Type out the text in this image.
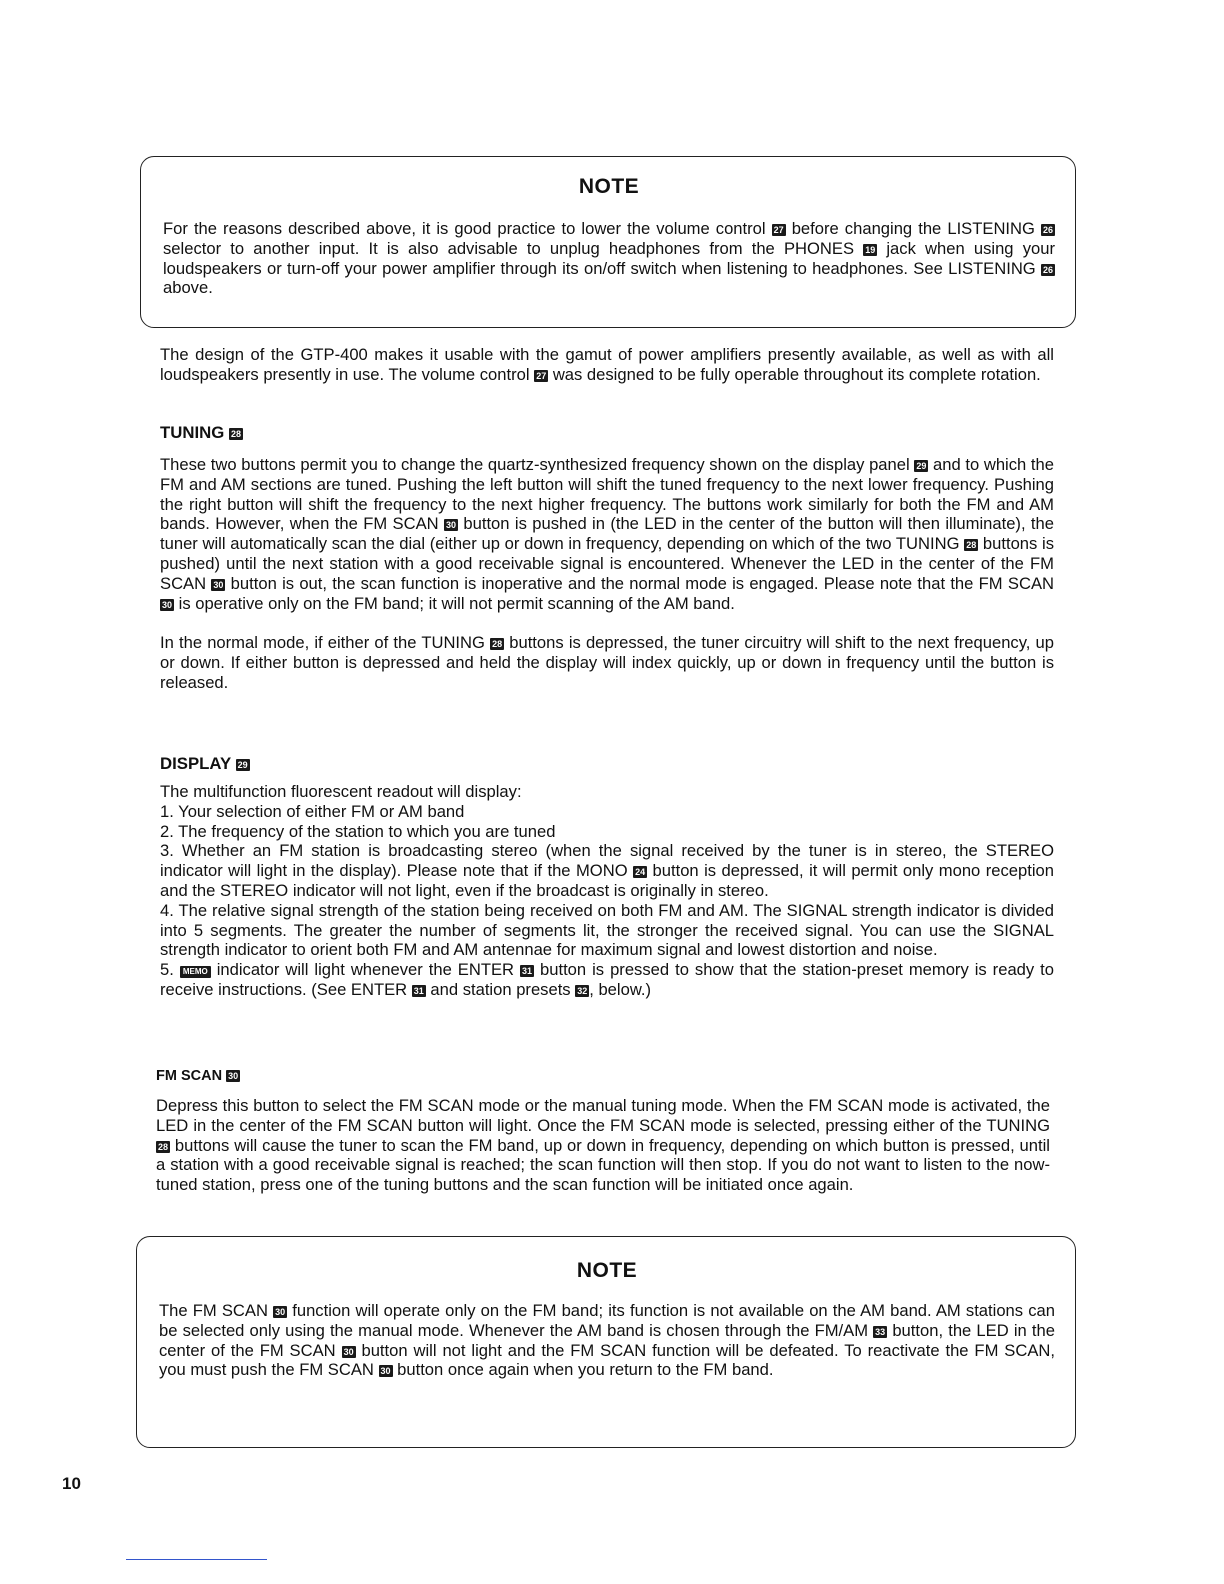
NOTE

For the reasons described above, it is good practice to lower the volume control 27 before changing the LISTENING 26 selector to another input. It is also advisable to unplug headphones from the PHONES 19 jack when using your loudspeakers or turn-off your power amplifier through its on/off switch when listening to headphones. See LISTENING 26 above.

The design of the GTP-400 makes it usable with the gamut of power amplifiers presently available, as well as with all loudspeakers presently in use. The volume control 27 was designed to be fully operable throughout its complete rotation.

TUNING 28

These two buttons permit you to change the quartz-synthesized frequency shown on the display panel 29 and to which the FM and AM sections are tuned. Pushing the left button will shift the tuned frequency to the next lower frequency. Pushing the right button will shift the frequency to the next higher frequency. The buttons work similarly for both the FM and AM bands. However, when the FM SCAN 30 button is pushed in (the LED in the center of the button will then illuminate), the tuner will automatically scan the dial (either up or down in frequency, depending on which of the two TUNING 28 buttons is pushed) until the next station with a good receivable signal is encountered. Whenever the LED in the center of the FM SCAN 30 button is out, the scan function is inoperative and the normal mode is engaged. Please note that the FM SCAN 30 is operative only on the FM band; it will not permit scanning of the AM band.

In the normal mode, if either of the TUNING 28 buttons is depressed, the tuner circuitry will shift to the next frequency, up or down. If either button is depressed and held the display will index quickly, up or down in frequency until the button is released.

DISPLAY 29

The multifunction fluorescent readout will display:

1. Your selection of either FM or AM band

2. The frequency of the station to which you are tuned

3. Whether an FM station is broadcasting stereo (when the signal received by the tuner is in stereo, the STEREO indicator will light in the display). Please note that if the MONO 24 button is depressed, it will permit only mono reception and the STEREO indicator will not light, even if the broadcast is originally in stereo.

4. The relative signal strength of the station being received on both FM and AM. The SIGNAL strength indicator is divided into 5 segments. The greater the number of segments lit, the stronger the received signal. You can use the SIGNAL strength indicator to orient both FM and AM antennae for maximum signal and lowest distortion and noise.

5. MEMO indicator will light whenever the ENTER 31 button is pressed to show that the station-preset memory is ready to receive instructions. (See ENTER 31 and station presets 32 , below.)

FM SCAN 30

Depress this button to select the FM SCAN mode or the manual tuning mode. When the FM SCAN mode is activated, the LED in the center of the FM SCAN button will light. Once the FM SCAN mode is selected, pressing either of the TUNING 28 buttons will cause the tuner to scan the FM band, up or down in frequency, depending on which button is pressed, until a station with a good receivable signal is reached; the scan function will then stop. If you do not want to listen to the now-tuned station, press one of the tuning buttons and the scan function will be initiated once again.

NOTE

The FM SCAN 30 function will operate only on the FM band; its function is not available on the AM band. AM stations can be selected only using the manual mode. Whenever the AM band is chosen through the FM/AM 33 button, the LED in the center of the FM SCAN 30 button will not light and the FM SCAN function will be defeated. To reactivate the FM SCAN, you must push the FM SCAN 30 button once again when you return to the FM band.

10
